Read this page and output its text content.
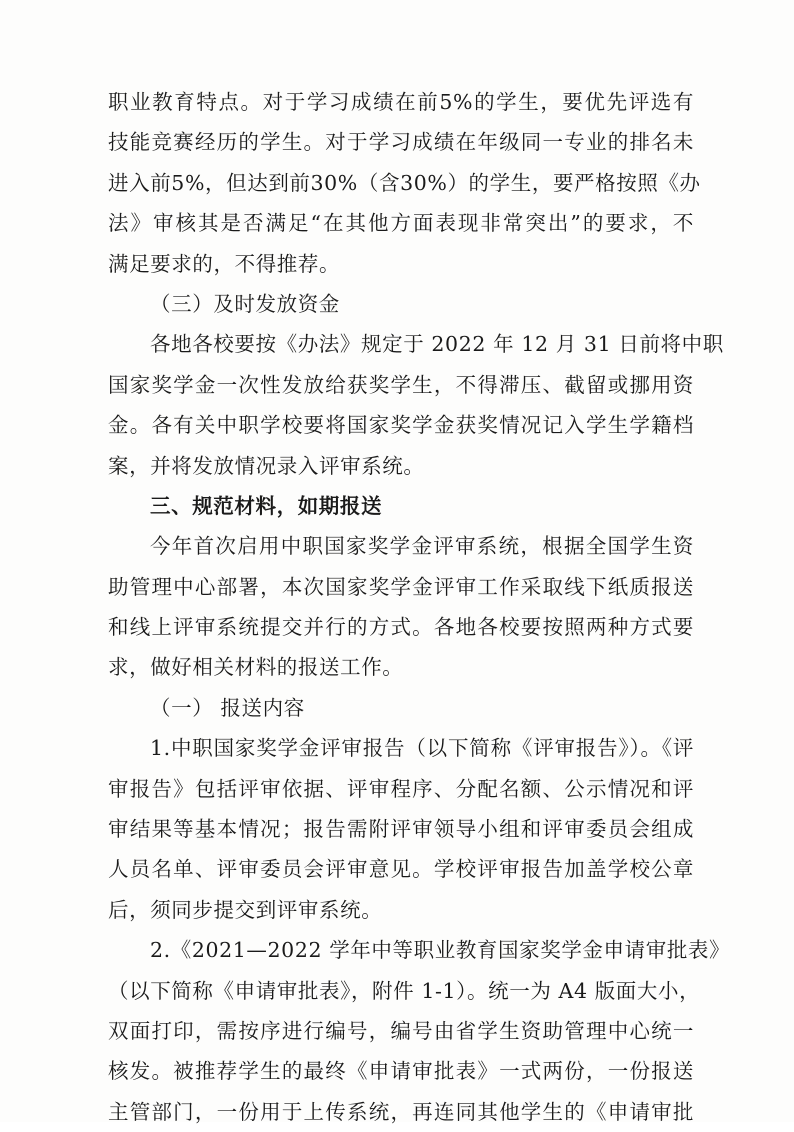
职业教育特点。对于学习成绩在前5%的学生，要优先评选有
技能竞赛经历的学生。对于学习成绩在年级同一专业的排名未
进入前5%，但达到前30%（含30%）的学生，要严格按照《办
法》审核其是否满足“在其他方面表现非常突出”的要求，不
满足要求的，不得推荐。
（三）及时发放资金
各地各校要按《办法》规定于 2022 年 12 月 31 日前将中职
国家奖学金一次性发放给获奖学生，不得滞压、截留或挪用资
金。各有关中职学校要将国家奖学金获奖情况记入学生学籍档
案，并将发放情况录入评审系统。
三、规范材料，如期报送
今年首次启用中职国家奖学金评审系统，根据全国学生资
助管理中心部署，本次国家奖学金评审工作采取线下纸质报送
和线上评审系统提交并行的方式。各地各校要按照两种方式要
求，做好相关材料的报送工作。
（一） 报送内容
1.中职国家奖学金评审报告（以下简称《评审报告》）。《评
审报告》包括评审依据、评审程序、分配名额、公示情况和评
审结果等基本情况；报告需附评审领导小组和评审委员会组成
人员名单、评审委员会评审意见。学校评审报告加盖学校公章
后，须同步提交到评审系统。
2.《2021—2022 学年中等职业教育国家奖学金申请审批表》
（以下简称《申请审批表》，附件 1-1）。统一为 A4 版面大小，
双面打印，需按序进行编号，编号由省学生资助管理中心统一
核发。被推荐学生的最终《申请审批表》一式两份，一份报送
主管部门，一份用于上传系统，再连同其他学生的《申请审批
